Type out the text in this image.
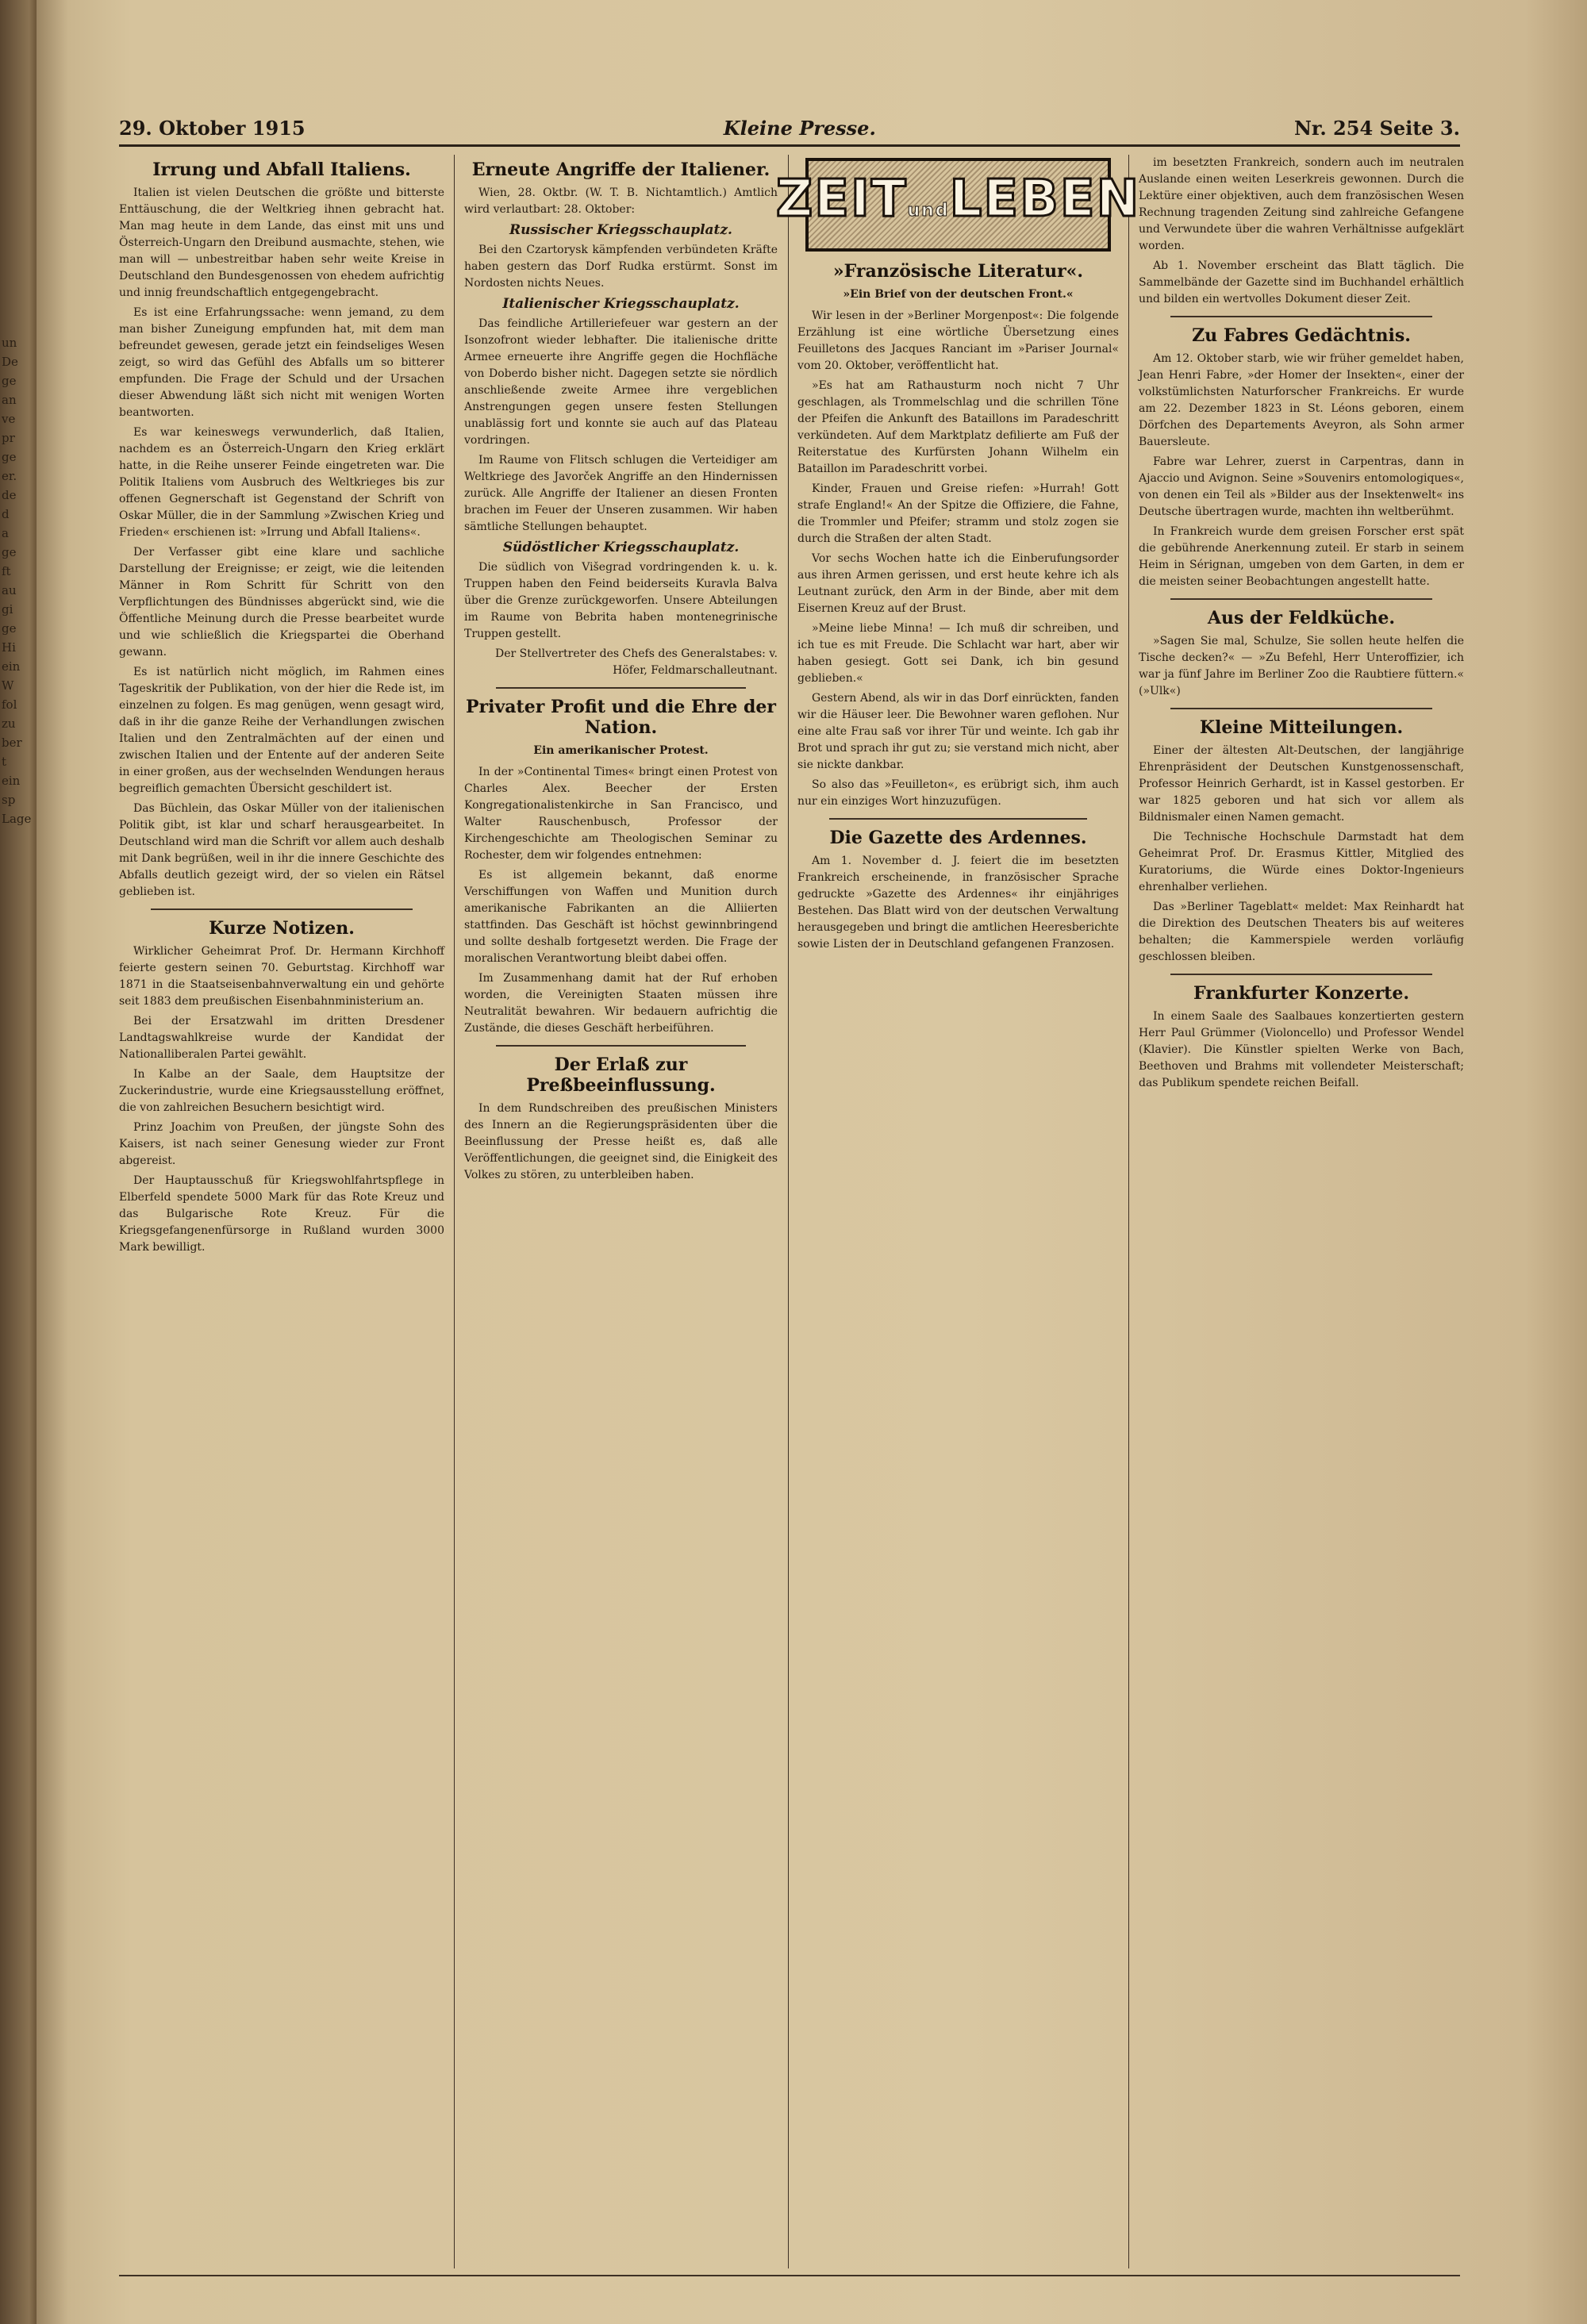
un
De
ge
an
ve
pr
ge
er.
de
d
a
ge
ft
au
gi
ge
Hi
ein
W
fol
zu
ber
t
ein
sp
Lage
29. Oktober 1915	Kleine Presse.	Nr. 254 Seite 3.
Irrung und Abfall Italiens.

Italien ist vielen Deutschen die größte und bitterste Enttäuschung, die der Weltkrieg ihnen gebracht hat. Man mag heute in dem Lande, das einst mit uns und Österreich-Ungarn den Dreibund ausmachte, stehen, wie man will — unbestreitbar haben sehr weite Kreise in Deutschland den Bundesgenossen von ehedem aufrichtig und innig freundschaftlich entgegengebracht.

Es ist eine Erfahrungssache: wenn jemand, zu dem man bisher Zuneigung empfunden hat, mit dem man befreundet gewesen, gerade jetzt ein feindseliges Wesen zeigt, so wird das Gefühl des Abfalls um so bitterer empfunden. Die Frage der Schuld und der Ursachen dieser Abwendung läßt sich nicht mit wenigen Worten beantworten.

Es war keineswegs verwunderlich, daß Italien, nachdem es an Österreich-Ungarn den Krieg erklärt hatte, in die Reihe unserer Feinde eingetreten war. Die Politik Italiens vom Ausbruch des Weltkrieges bis zur offenen Gegnerschaft ist Gegenstand der Schrift von Oskar Müller, die in der Sammlung »Zwischen Krieg und Frieden« erschienen ist: »Irrung und Abfall Italiens«.

Der Verfasser gibt eine klare und sachliche Darstellung der Ereignisse; er zeigt, wie die leitenden Männer in Rom Schritt für Schritt von den Verpflichtungen des Bündnisses abgerückt sind, wie die Öffentliche Meinung durch die Presse bearbeitet wurde und wie schließlich die Kriegspartei die Oberhand gewann.

Es ist natürlich nicht möglich, im Rahmen eines Tageskritik der Publikation, von der hier die Rede ist, im einzelnen zu folgen. Es mag genügen, wenn gesagt wird, daß in ihr die ganze Reihe der Verhandlungen zwischen Italien und den Zentralmächten auf der einen und zwischen Italien und der Entente auf der anderen Seite in einer großen, aus der wechselnden Wendungen heraus begreiflich gemachten Übersicht geschildert ist.

Das Büchlein, das Oskar Müller von der italienischen Politik gibt, ist klar und scharf herausgearbeitet. In Deutschland wird man die Schrift vor allem auch deshalb mit Dank begrüßen, weil in ihr die innere Geschichte des Abfalls deutlich gezeigt wird, der so vielen ein Rätsel geblieben ist.

Kurze Notizen.

Wirklicher Geheimrat Prof. Dr. Hermann Kirchhoff feierte gestern seinen 70. Geburtstag. Kirchhoff war 1871 in die Staatseisenbahnverwaltung ein und gehörte seit 1883 dem preußischen Eisenbahnministerium an.

Bei der Ersatzwahl im dritten Dresdener Landtagswahlkreise wurde der Kandidat der Nationalliberalen Partei gewählt.

In Kalbe an der Saale, dem Hauptsitze der Zuckerindustrie, wurde eine Kriegsausstellung eröffnet, die von zahlreichen Besuchern besichtigt wird.

Prinz Joachim von Preußen, der jüngste Sohn des Kaisers, ist nach seiner Genesung wieder zur Front abgereist.

Der Hauptausschuß für Kriegswohlfahrtspflege in Elberfeld spendete 5000 Mark für das Rote Kreuz und das Bulgarische Rote Kreuz. Für die Kriegsgefangenenfürsorge in Rußland wurden 3000 Mark bewilligt.

Erneute Angriffe der Italiener.

Wien, 28. Oktbr. (W. T. B. Nichtamtlich.) Amtlich wird verlautbart: 28. Oktober:

Russischer Kriegsschauplatz.

Bei den Czartorysk kämpfenden verbündeten Kräfte haben gestern das Dorf Rudka erstürmt. Sonst im Nordosten nichts Neues.

Italienischer Kriegsschauplatz.

Das feindliche Artilleriefeuer war gestern an der Isonzofront wieder lebhafter. Die italienische dritte Armee erneuerte ihre Angriffe gegen die Hochfläche von Doberdo bisher nicht. Dagegen setzte sie nördlich anschließende zweite Armee ihre vergeblichen Anstrengungen gegen unsere festen Stellungen unablässig fort und konnte sie auch auf das Plateau vordringen.

Im Raume von Flitsch schlugen die Verteidiger am Weltkriege des Javorček Angriffe an den Hindernissen zurück. Alle Angriffe der Italiener an diesen Fronten brachen im Feuer der Unseren zusammen. Wir haben sämtliche Stellungen behauptet.

Südöstlicher Kriegsschauplatz.

Die südlich von Višegrad vordringenden k. u. k. Truppen haben den Feind beiderseits Kuravla Balva über die Grenze zurückgeworfen. Unsere Abteilungen im Raume von Bebrita haben montenegrinische Truppen gestellt.

Der Stellvertreter des Chefs des Generalstabes: v. Höfer, Feldmarschalleutnant.

Privater Profit und die Ehre der Nation.
Ein amerikanischer Protest.

In der »Continental Times« bringt einen Protest von Charles Alex. Beecher der Ersten Kongregationalistenkirche in San Francisco, und Walter Rauschenbusch, Professor der Kirchengeschichte am Theologischen Seminar zu Rochester, dem wir folgendes entnehmen:

Es ist allgemein bekannt, daß enorme Verschiffungen von Waffen und Munition durch amerikanische Fabrikanten an die Alliierten stattfinden. Das Geschäft ist höchst gewinnbringend und sollte deshalb fortgesetzt werden. Die Frage der moralischen Verantwortung bleibt dabei offen.

Im Zusammenhang damit hat der Ruf erhoben worden, die Vereinigten Staaten müssen ihre Neutralität bewahren. Wir bedauern aufrichtig die Zustände, die dieses Geschäft herbeiführen.

Der Erlaß zur Preßbeeinflussung.

In dem Rundschreiben des preußischen Ministers des Innern an die Regierungspräsidenten über die Beeinflussung der Presse heißt es, daß alle Veröffentlichungen, die geeignet sind, die Einigkeit des Volkes zu stören, zu unterbleiben haben.

ZEITundLEBEN
»Französische Literatur«.
»Ein Brief von der deutschen Front.«

Wir lesen in der »Berliner Morgenpost«: Die folgende Erzählung ist eine wörtliche Übersetzung eines Feuilletons des Jacques Ranciant im »Pariser Journal« vom 20. Oktober, veröffentlicht hat.

»Es hat am Rathausturm noch nicht 7 Uhr geschlagen, als Trommelschlag und die schrillen Töne der Pfeifen die Ankunft des Bataillons im Paradeschritt verkündeten. Auf dem Marktplatz defilierte am Fuß der Reiterstatue des Kurfürsten Johann Wilhelm ein Bataillon im Paradeschritt vorbei.

Kinder, Frauen und Greise riefen: »Hurrah! Gott strafe England!« An der Spitze die Offiziere, die Fahne, die Trommler und Pfeifer; stramm und stolz zogen sie durch die Straßen der alten Stadt.

Vor sechs Wochen hatte ich die Einberufungsorder aus ihren Armen gerissen, und erst heute kehre ich als Leutnant zurück, den Arm in der Binde, aber mit dem Eisernen Kreuz auf der Brust.

»Meine liebe Minna! — Ich muß dir schreiben, und ich tue es mit Freude. Die Schlacht war hart, aber wir haben gesiegt. Gott sei Dank, ich bin gesund geblieben.«

Gestern Abend, als wir in das Dorf einrückten, fanden wir die Häuser leer. Die Bewohner waren geflohen. Nur eine alte Frau saß vor ihrer Tür und weinte. Ich gab ihr Brot und sprach ihr gut zu; sie verstand mich nicht, aber sie nickte dankbar.

So also das »Feuilleton«, es erübrigt sich, ihm auch nur ein einziges Wort hinzuzufügen.

Die Gazette des Ardennes.

Am 1. November d. J. feiert die im besetzten Frankreich erscheinende, in französischer Sprache gedruckte »Gazette des Ardennes« ihr einjähriges Bestehen. Das Blatt wird von der deutschen Verwaltung herausgegeben und bringt die amtlichen Heeresberichte sowie Listen der in Deutschland gefangenen Franzosen.

im besetzten Frankreich, sondern auch im neutralen Auslande einen weiten Leserkreis gewonnen. Durch die Lektüre einer objektiven, auch dem französischen Wesen Rechnung tragenden Zeitung sind zahlreiche Gefangene und Verwundete über die wahren Verhältnisse aufgeklärt worden.

Ab 1. November erscheint das Blatt täglich. Die Sammelbände der Gazette sind im Buchhandel erhältlich und bilden ein wertvolles Dokument dieser Zeit.

Zu Fabres Gedächtnis.

Am 12. Oktober starb, wie wir früher gemeldet haben, Jean Henri Fabre, »der Homer der Insekten«, einer der volkstümlichsten Naturforscher Frankreichs. Er wurde am 22. Dezember 1823 in St. Léons geboren, einem Dörfchen des Departements Aveyron, als Sohn armer Bauersleute.

Fabre war Lehrer, zuerst in Carpentras, dann in Ajaccio und Avignon. Seine »Souvenirs entomologiques«, von denen ein Teil als »Bilder aus der Insektenwelt« ins Deutsche übertragen wurde, machten ihn weltberühmt.

In Frankreich wurde dem greisen Forscher erst spät die gebührende Anerkennung zuteil. Er starb in seinem Heim in Sérignan, umgeben von dem Garten, in dem er die meisten seiner Beobachtungen angestellt hatte.

Aus der Feldküche.

»Sagen Sie mal, Schulze, Sie sollen heute helfen die Tische decken?« — »Zu Befehl, Herr Unteroffizier, ich war ja fünf Jahre im Berliner Zoo die Raubtiere füttern.« (»Ulk«)

Kleine Mitteilungen.

Einer der ältesten Alt-Deutschen, der langjährige Ehrenpräsident der Deutschen Kunstgenossenschaft, Professor Heinrich Gerhardt, ist in Kassel gestorben. Er war 1825 geboren und hat sich vor allem als Bildnismaler einen Namen gemacht.

Die Technische Hochschule Darmstadt hat dem Geheimrat Prof. Dr. Erasmus Kittler, Mitglied des Kuratoriums, die Würde eines Doktor-Ingenieurs ehrenhalber verliehen.

Das »Berliner Tageblatt« meldet: Max Reinhardt hat die Direktion des Deutschen Theaters bis auf weiteres behalten; die Kammerspiele werden vorläufig geschlossen bleiben.

Frankfurter Konzerte.

In einem Saale des Saalbaues konzertierten gestern Herr Paul Grümmer (Violoncello) und Professor Wendel (Klavier). Die Künstler spielten Werke von Bach, Beethoven und Brahms mit vollendeter Meisterschaft; das Publikum spendete reichen Beifall.
